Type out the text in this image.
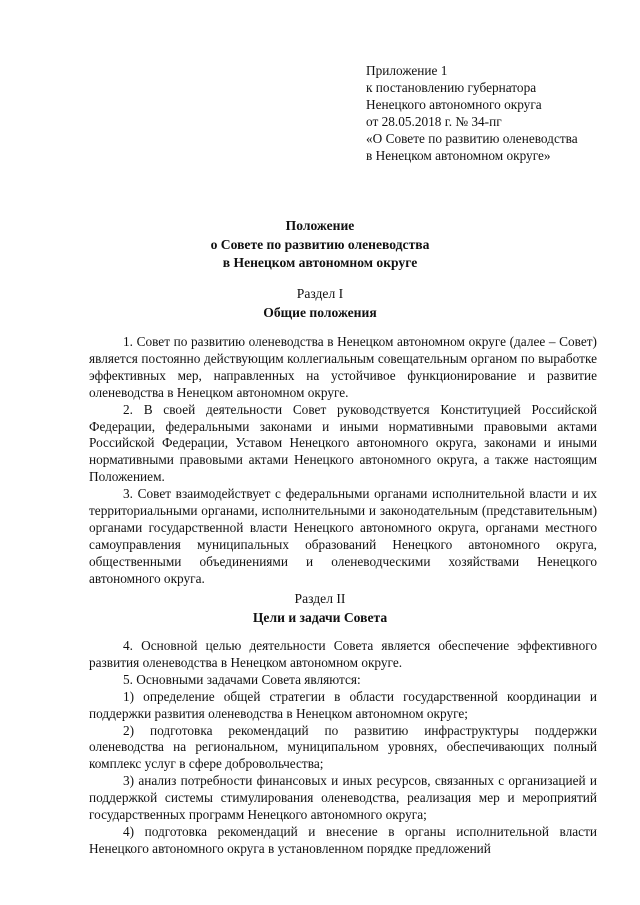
Приложение 1
к постановлению губернатора
Ненецкого автономного округа
от 28.05.2018 г. № 34-пг
«О Совете по развитию оленеводства
в Ненецком автономном округе»
Положение
о Совете по развитию оленеводства
в Ненецком автономном округе
Раздел I
Общие положения

1. Совет по развитию оленеводства в Ненецком автономном округе (далее – Совет) является постоянно действующим коллегиальным совещательным органом по выработке эффективных мер, направленных на устойчивое функционирование и развитие оленеводства в Ненецком автономном округе.

2. В своей деятельности Совет руководствуется Конституцией Российской Федерации, федеральными законами и иными нормативными правовыми актами Российской Федерации, Уставом Ненецкого автономного округа, законами и иными нормативными правовыми актами Ненецкого автономного округа, а также настоящим Положением.

3. Совет взаимодействует с федеральными органами исполнительной власти и их территориальными органами, исполнительными и законодательным (представительным) органами государственной власти Ненецкого автономного округа, органами местного самоуправления муниципальных образований Ненецкого автономного округа, общественными объединениями и оленеводческими хозяйствами Ненецкого автономного округа.

Раздел II
Цели и задачи Совета

4. Основной целью деятельности Совета является обеспечение эффективного развития оленеводства в Ненецком автономном округе.

5. Основными задачами Совета являются:

1) определение общей стратегии в области государственной координации и поддержки развития оленеводства в Ненецком автономном округе;

2) подготовка рекомендаций по развитию инфраструктуры поддержки оленеводства на региональном, муниципальном уровнях, обеспечивающих полный комплекс услуг в сфере добровольчества;

3) анализ потребности финансовых и иных ресурсов, связанных с организацией и поддержкой системы стимулирования оленеводства, реализация мер и мероприятий государственных программ Ненецкого автономного округа;

4) подготовка рекомендаций и внесение в органы исполнительной власти Ненецкого автономного округа в установленном порядке предложений
